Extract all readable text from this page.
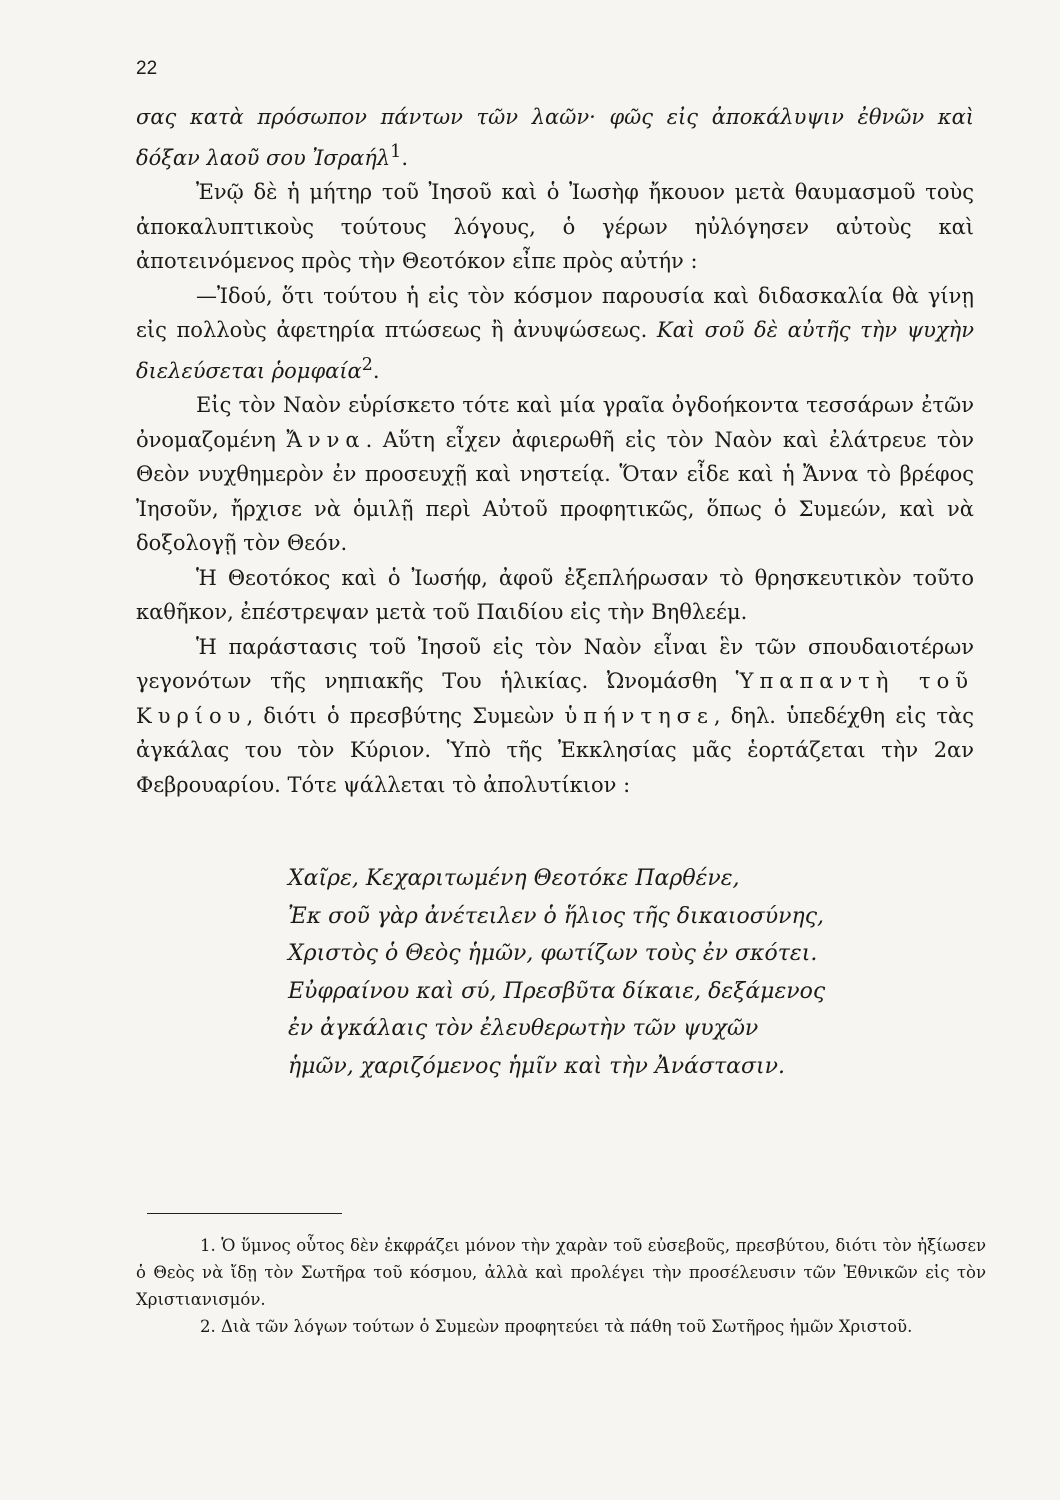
22

σας κατὰ πρόσωπον πάντων τῶν λαῶν· φῶς εἰς ἀποκάλυψιν ἐθνῶν καὶ δόξαν λαοῦ σου Ἰσραήλ$^1$.

Ἐνῷ δὲ ἡ μήτηρ τοῦ Ἰησοῦ καὶ ὁ Ἰωσὴφ ἤκουον μετὰ θαυμασμοῦ τοὺς ἀποκαλυπτικοὺς τούτους λόγους, ὁ γέρων ηὐλόγησεν αὐτοὺς καὶ ἀποτεινόμενος πρὸς τὴν Θεοτόκον εἶπε πρὸς αὐτήν :

—Ἰδού, ὅτι τούτου ἡ εἰς τὸν κόσμον παρουσία καὶ διδασκαλία θὰ γίνῃ εἰς πολλοὺς ἀφετηρία πτώσεως ἢ ἀνυψώσεως. Καὶ σοῦ δὲ αὐτῆς τὴν ψυχὴν διελεύσεται ῥομφαία$^2$.

Εἰς τὸν Ναὸν εὑρίσκετο τότε καὶ μία γραῖα ὀγδοήκοντα τεσσάρων ἐτῶν ὀνομαζομένη Ἄννα. Αὕτη εἶχεν ἀφιερωθῆ εἰς τὸν Ναὸν καὶ ἐλάτρευε τὸν Θεὸν νυχθημερὸν ἐν προσευχῇ καὶ νηστείᾳ. Ὅταν εἶδε καὶ ἡ Ἄννα τὸ βρέφος Ἰησοῦν, ἤρχισε νὰ ὁμιλῇ περὶ Αὐτοῦ προφητικῶς, ὅπως ὁ Συμεών, καὶ νὰ δοξολογῇ τὸν Θεόν.

Ἡ Θεοτόκος καὶ ὁ Ἰωσήφ, ἀφοῦ ἐξεπλήρωσαν τὸ θρησκευτικὸν τοῦτο καθῆκον, ἐπέστρεψαν μετὰ τοῦ Παιδίου εἰς τὴν Βηθλεέμ.

Ἡ παράστασις τοῦ Ἰησοῦ εἰς τὸν Ναὸν εἶναι ἓν τῶν σπουδαιοτέρων γεγονότων τῆς νηπιακῆς Του ἡλικίας. Ὠνομάσθη Ὑπαπαντὴ τοῦ Κυρίου, διότι ὁ πρεσβύτης Συμεὼν ὑπήντησε, δηλ. ὑπεδέχθη εἰς τὰς ἀγκάλας του τὸν Κύριον. Ὑπὸ τῆς Ἐκκλησίας μᾶς ἑορτάζεται τὴν 2αν Φεβρουαρίου. Τότε ψάλλεται τὸ ἀπολυτίκιον :

Χαῖρε, Κεχαριτωμένη Θεοτόκε Παρθένε,
Ἐκ σοῦ γὰρ ἀνέτειλεν ὁ ἥλιος τῆς δικαιοσύνης,
Χριστὸς ὁ Θεὸς ἡμῶν, φωτίζων τοὺς ἐν σκότει.
Εὐφραίνου καὶ σύ, Πρεσβῦτα δίκαιε, δεξάμενος
ἐν ἀγκάλαις τὸν ἐλευθερωτὴν τῶν ψυχῶν
ἡμῶν, χαριζόμενος ἡμῖν καὶ τὴν Ἀνάστασιν.

1. Ὁ ὕμνος οὗτος δὲν ἐκφράζει μόνον τὴν χαρὰν τοῦ εὐσεβοῦς, πρεσβύτου, διότι τὸν ἠξίωσεν ὁ Θεὸς νὰ ἴδῃ τὸν Σωτῆρα τοῦ κόσμου, ἀλλὰ καὶ προλέγει τὴν προσέλευσιν τῶν Ἐθνικῶν εἰς τὸν Χριστιανισμόν.

2. Διὰ τῶν λόγων τούτων ὁ Συμεὼν προφητεύει τὰ πάθη τοῦ Σωτῆρος ἡμῶν Χριστοῦ.
